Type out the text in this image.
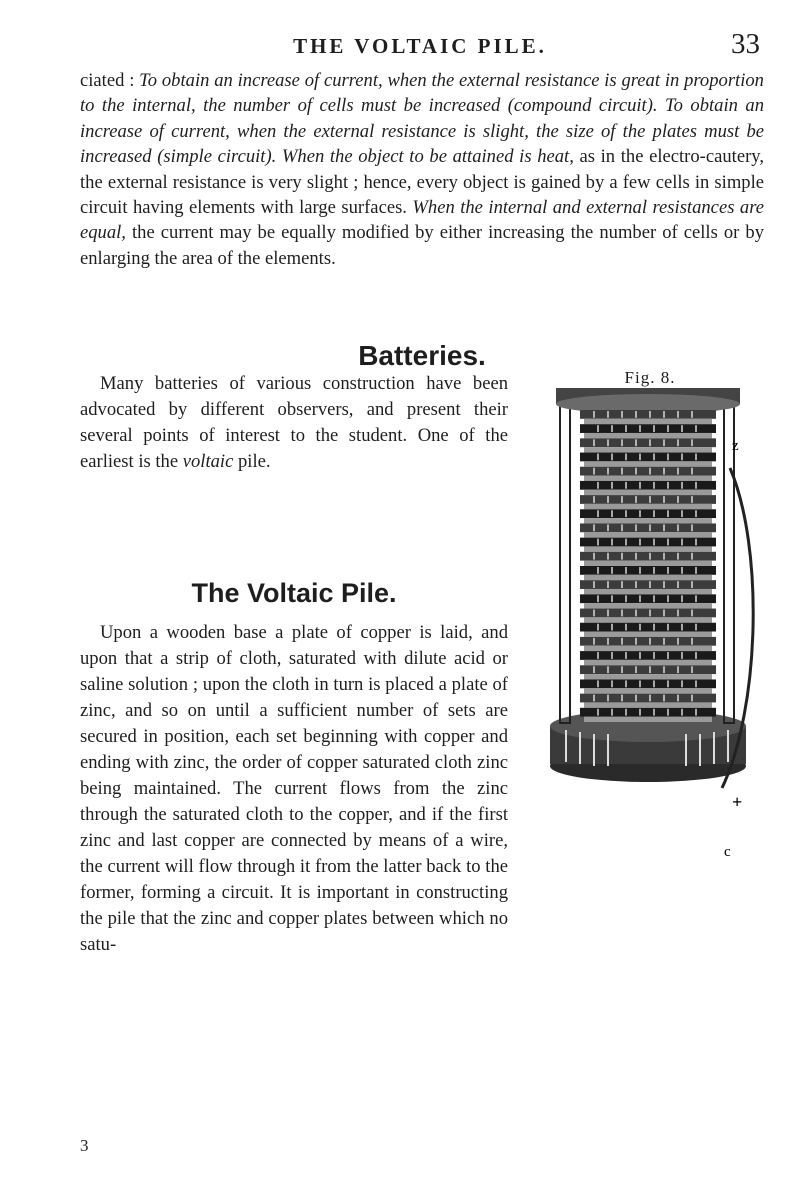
THE VOLTAIC PILE.	33

ciated : To obtain an increase of current, when the external resistance is great in proportion to the internal, the number of cells must be increased (compound circuit). To obtain an increase of current, when the external resistance is slight, the size of the plates must be increased (simple circuit). When the object to be attained is heat, as in the electro-cautery, the external resistance is very slight ; hence, every object is gained by a few cells in simple circuit having elements with large surfaces. When the internal and external resistances are equal, the current may be equally modified by either increasing the number of cells or by enlarging the area of the elements.

Batteries.

Many batteries of various construction have been advocated by different observers, and present their several points of interest to the student. One of the earliest is the voltaic pile.

The Voltaic Pile.

Upon a wooden base a plate of copper is laid, and upon that a strip of cloth, saturated with dilute acid or saline solution ; upon the cloth in turn is placed a plate of zinc, and so on until a sufficient number of sets are secured in position, each set beginning with copper and ending with zinc, the order of copper saturated cloth zinc being maintained. The current flows from the zinc through the saturated cloth to the copper, and if the first zinc and last copper are connected by means of a wire, the current will flow through it from the latter back to the former, forming a circuit. It is important in constructing the pile that the zinc and copper plates between which no satu-

3
Fig. 8.
z
+
c
